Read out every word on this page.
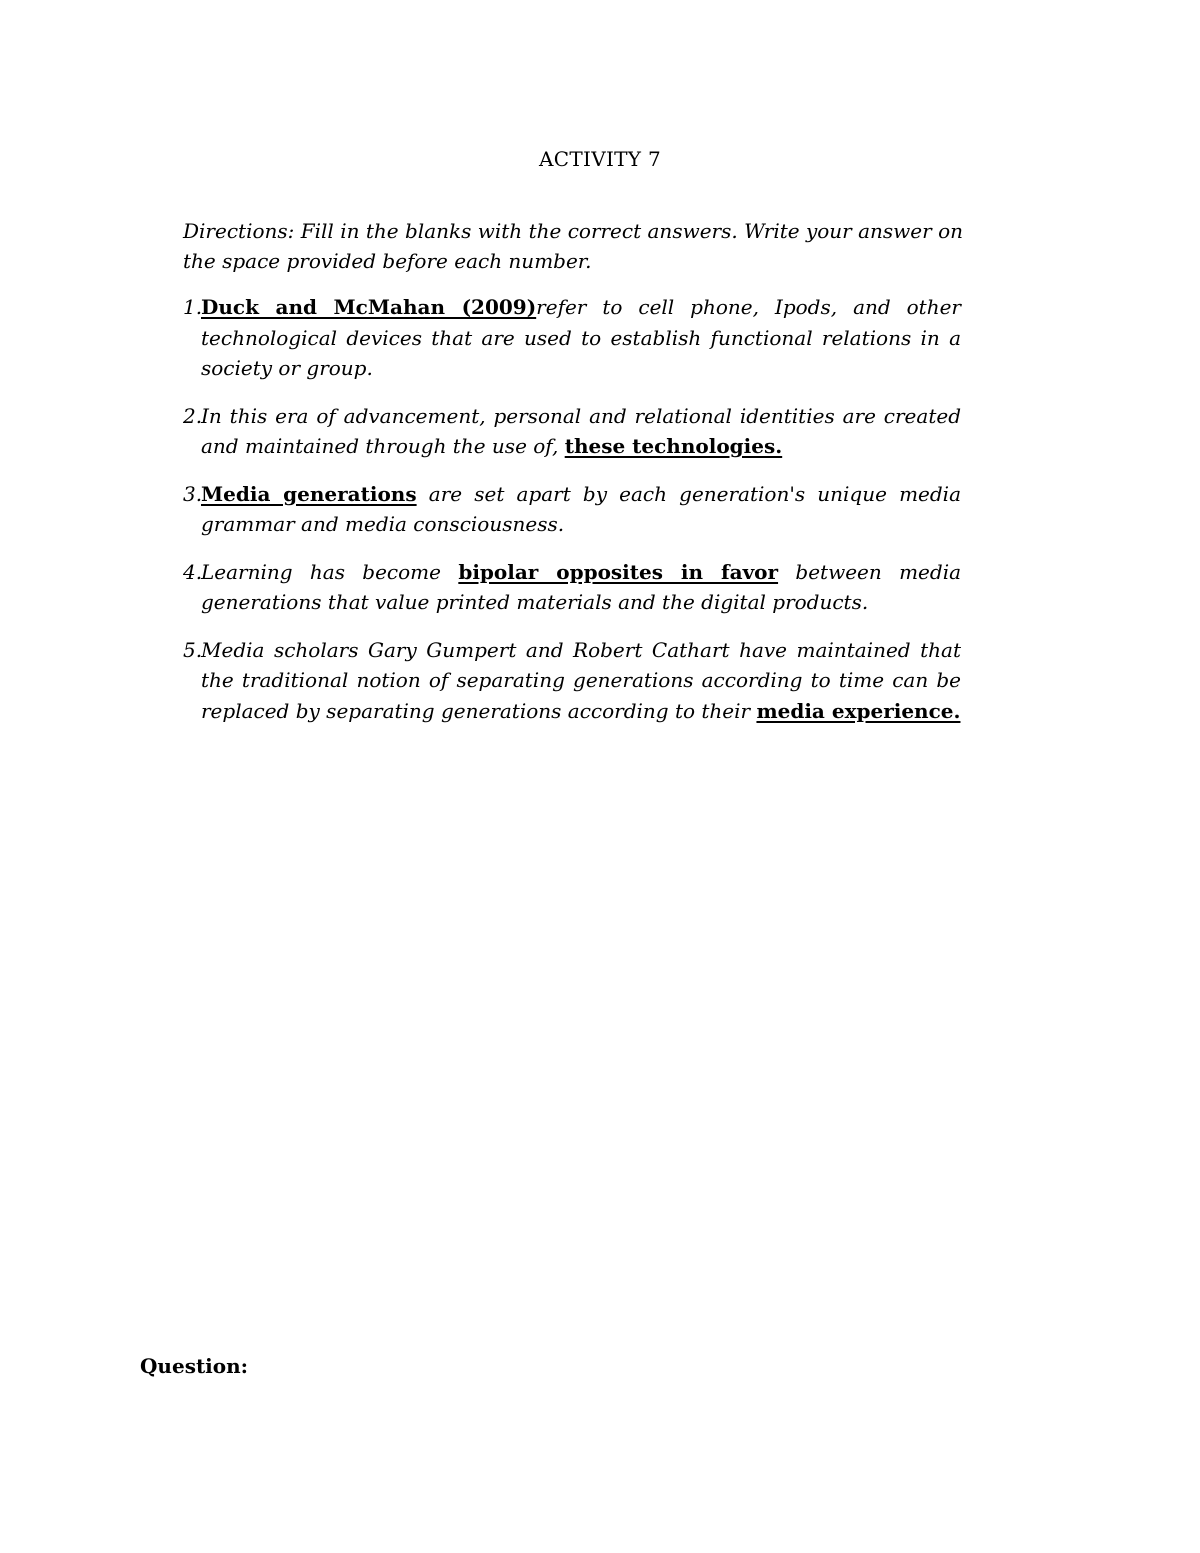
ACTIVITY 7
Directions: Fill in the blanks with the correct answers. Write your answer on the space provided before each number.
1.
Duck and McMahan (2009)refer to cell phone, Ipods, and other technological devices that are used to establish functional relations in a society or group.
2.
In this era of advancement, personal and relational identities are created and maintained through the use of, these technologies.
3.
Media generations are set apart by each generation's unique media grammar and media consciousness.
4.
Learning has become bipolar opposites in favor between media generations that value printed materials and the digital products.
5.
Media scholars Gary Gumpert and Robert Cathart have maintained that the traditional notion of separating generations according to time can be replaced by separating generations according to their media experience.
Question:
